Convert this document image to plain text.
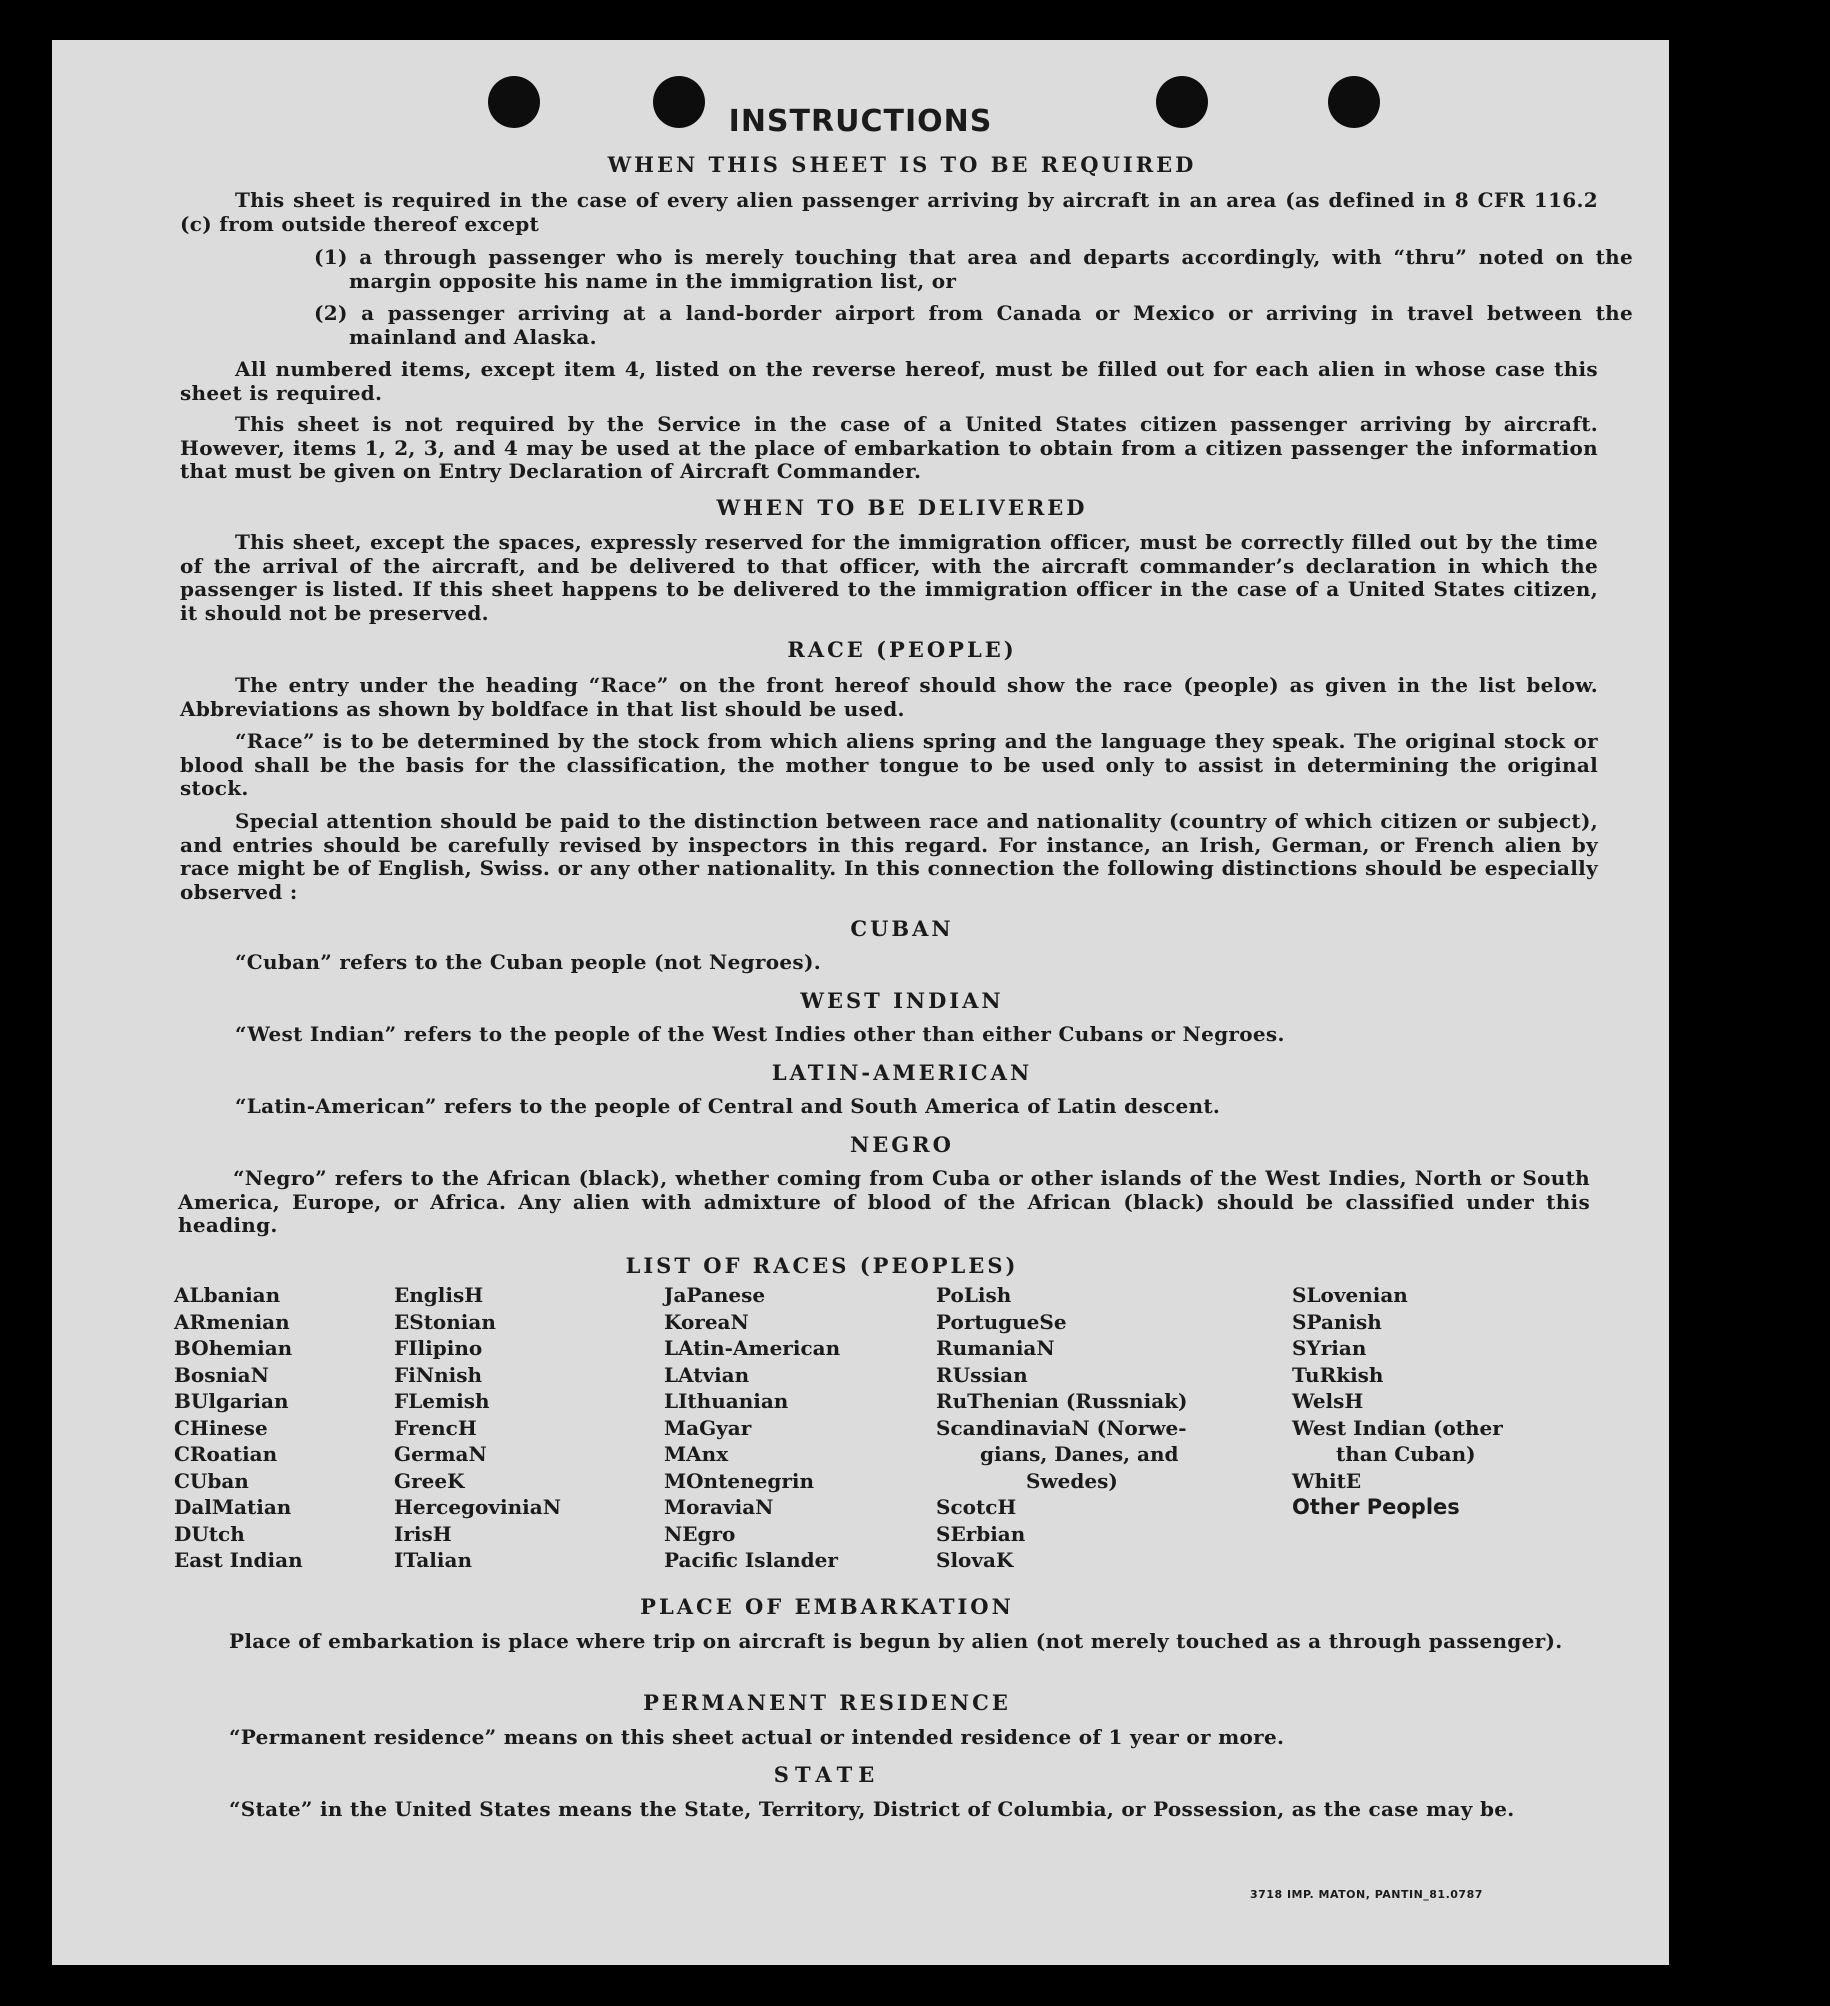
INSTRUCTIONS
WHEN THIS SHEET IS TO BE REQUIRED

This sheet is required in the case of every alien passenger arriving by aircraft in an area (as defined in 8 CFR 116.2 (c) from outside thereof except

(1) a through passenger who is merely touching that area and departs accordingly, with “thru” noted on the margin opposite his name in the immigration list, or

(2) a passenger arriving at a land-border airport from Canada or Mexico or arriving in travel between the mainland and Alaska.

All numbered items, except item 4, listed on the reverse hereof, must be filled out for each alien in whose case this sheet is required.

This sheet is not required by the Service in the case of a United States citizen passenger arriving by aircraft. However, items 1, 2, 3, and 4 may be used at the place of embarkation to obtain from a citizen passenger the information that must be given on Entry Declaration of Aircraft Commander.

WHEN TO BE DELIVERED

This sheet, except the spaces, expressly reserved for the immigration officer, must be correctly filled out by the time of the arrival of the aircraft, and be delivered to that officer, with the aircraft commander’s declaration in which the passenger is listed. If this sheet happens to be delivered to the immigration officer in the case of a United States citizen, it should not be preserved.

RACE (PEOPLE)

The entry under the heading “Race” on the front hereof should show the race (people) as given in the list below. Abbreviations as shown by boldface in that list should be used.

“Race” is to be determined by the stock from which aliens spring and the language they speak. The original stock or blood shall be the basis for the classification, the mother tongue to be used only to assist in determining the original stock.

Special attention should be paid to the distinction between race and nationality (country of which citizen or subject), and entries should be carefully revised by inspectors in this regard. For instance, an Irish, German, or French alien by race might be of English, Swiss. or any other nationality. In this connection the following distinctions should be especially observed :

CUBAN

“Cuban” refers to the Cuban people (not Negroes).

WEST INDIAN

“West Indian” refers to the people of the West Indies other than either Cubans or Negroes.

LATIN-AMERICAN

“Latin-American” refers to the people of Central and South America of Latin descent.

NEGRO

“Negro” refers to the African (black), whether coming from Cuba or other islands of the West Indies, North or South America, Europe, or Africa. Any alien with admixture of blood of the African (black) should be classified under this heading.

LIST OF RACES (PEOPLES)
ALbanian
ARmenian
BOhemian
BosniaN
BUlgarian
CHinese
CRoatian
CUban
DalMatian
DUtch
East Indian
EnglisH
EStonian
FIlipino
FiNnish
FLemish
FrencH
GermaN
GreeK
HercegoviniaN
IrisH
ITalian
JaPanese
KoreaN
LAtin-American
LAtvian
LIthuanian
MaGyar
MAnx
MOntenegrin
MoraviaN
NEgro
Pacific Islander
PoLish
PortugueSe
RumaniaN
RUssian
RuThenian (Russniak)
ScandinaviaN (Norwe-
gians, Danes, and
Swedes)
ScotcH
SErbian
SlovaK
SLovenian
SPanish
SYrian
TuRkish
WelsH
West Indian (other
than Cuban)
WhitE
Other Peoples
PLACE OF EMBARKATION

Place of embarkation is place where trip on aircraft is begun by alien (not merely touched as a through passenger).

PERMANENT RESIDENCE

“Permanent residence” means on this sheet actual or intended residence of 1 year or more.

STATE

“State” in the United States means the State, Territory, District of Columbia, or Possession, as the case may be.

3718 IMP. MATON, PANTIN_81.0787
